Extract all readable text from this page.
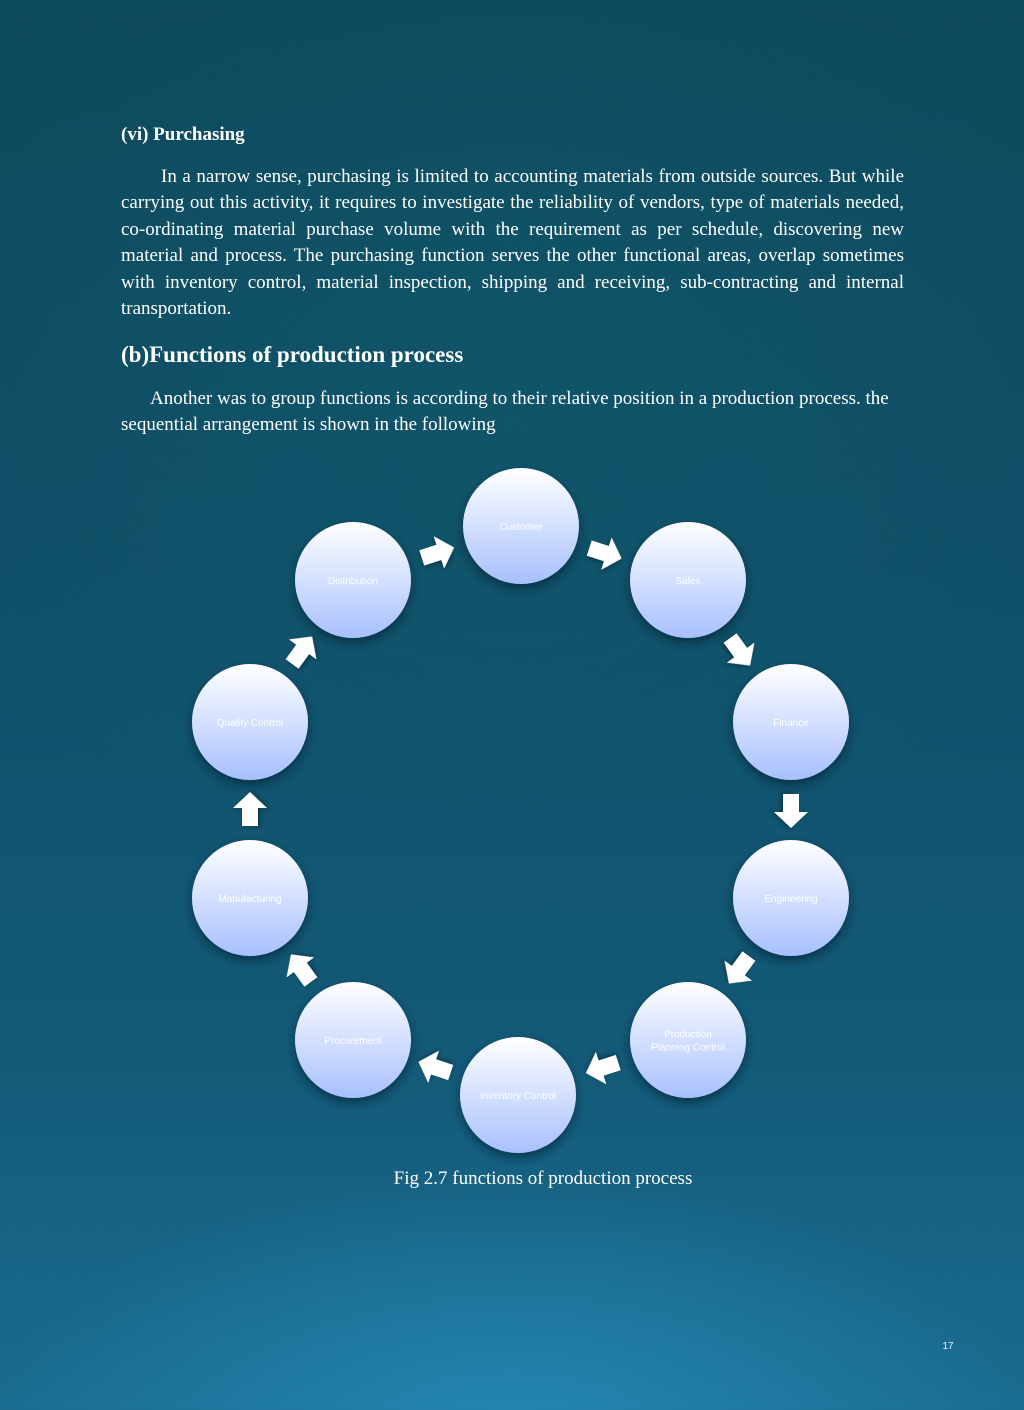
(vi) Purchasing

In a narrow sense, purchasing is limited to accounting materials from outside sources. But while carrying out this activity, it requires to investigate the reliability of vendors, type of materials needed, co-ordinating material purchase volume with the requirement as per schedule, discovering new material and process. The purchasing function serves the other functional areas, overlap sometimes with inventory control, material inspection, shipping and receiving, sub-contracting and internal transportation.

(b)Functions of production process

Another was to group functions is according to their relative position in a production process. the sequential arrangement is shown in the following

Customer
Sales
Finance
Engineering
Production
Planning Control
Inventory Control
Procurement
Manufacturing
Quality Control
Distribution

Fig 2.7 functions of production process

17
